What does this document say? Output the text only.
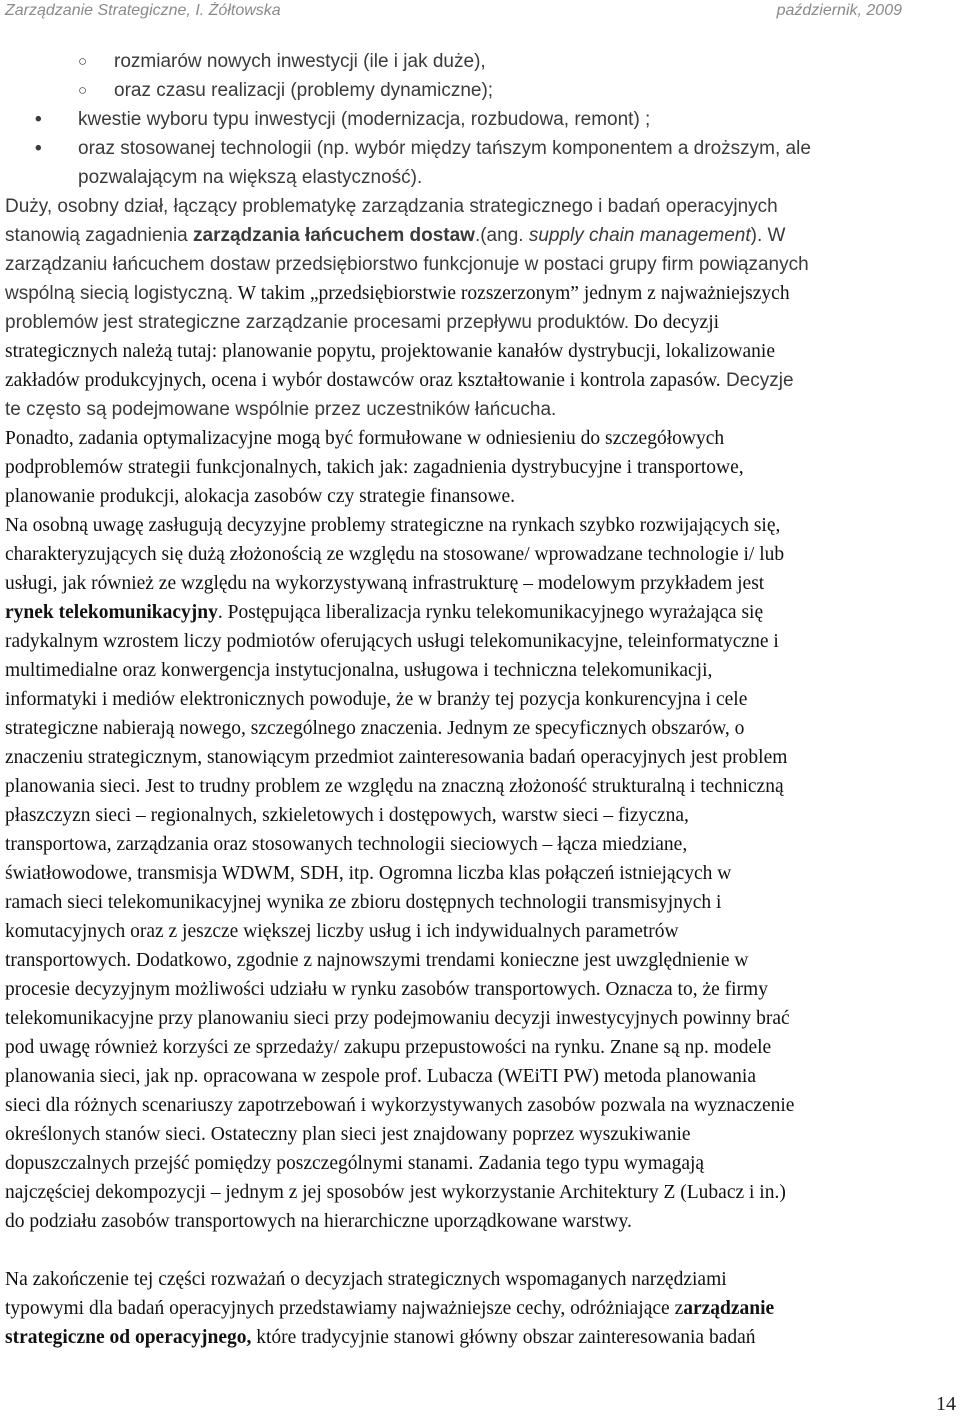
Zarządzanie Strategiczne, I. Żółtowska	październik, 2009
○ rozmiarów nowych inwestycji (ile i jak duże),
○ oraz czasu realizacji (problemy dynamiczne);
• kwestie wyboru typu inwestycji (modernizacja, rozbudowa, remont) ;
• oraz stosowanej technologii (np. wybór między tańszym komponentem a droższym, ale
pozwalającym na większą elastyczność).
Duży, osobny dział, łączący problematykę zarządzania strategicznego i badań operacyjnych
stanowią zagadnienia zarządzania łańcuchem dostaw.(ang. supply chain management). W
zarządzaniu łańcuchem dostaw przedsiębiorstwo funkcjonuje w postaci grupy firm powiązanych
wspólną siecią logistyczną. W takim „przedsiębiorstwie rozszerzonym” jednym z najważniejszych
problemów jest strategiczne zarządzanie procesami przepływu produktów. Do decyzji
strategicznych należą tutaj: planowanie popytu, projektowanie kanałów dystrybucji, lokalizowanie
zakładów produkcyjnych, ocena i wybór dostawców oraz kształtowanie i kontrola zapasów. Decyzje
te często są podejmowane wspólnie przez uczestników łańcucha.
Ponadto, zadania optymalizacyjne mogą być formułowane w odniesieniu do szczegółowych
podproblemów strategii funkcjonalnych, takich jak: zagadnienia dystrybucyjne i transportowe,
planowanie produkcji, alokacja zasobów czy strategie finansowe.
Na osobną uwagę zasługują decyzyjne problemy strategiczne na rynkach szybko rozwijających się,
charakteryzujących się dużą złożonością ze względu na stosowane/ wprowadzane technologie i/ lub
usługi, jak również ze względu na wykorzystywaną infrastrukturę – modelowym przykładem jest
rynek telekomunikacyjny. Postępująca liberalizacja rynku telekomunikacyjnego wyrażająca się
radykalnym wzrostem liczy podmiotów oferujących usługi telekomunikacyjne, teleinformatyczne i
multimedialne oraz konwergencja instytucjonalna, usługowa i techniczna telekomunikacji,
informatyki i mediów elektronicznych powoduje, że w branży tej pozycja konkurencyjna i cele
strategiczne nabierają nowego, szczególnego znaczenia. Jednym ze specyficznych obszarów, o
znaczeniu strategicznym, stanowiącym przedmiot zainteresowania badań operacyjnych jest problem
planowania sieci. Jest to trudny problem ze względu na znaczną złożoność strukturalną i techniczną
płaszczyzn sieci – regionalnych, szkieletowych i dostępowych, warstw sieci – fizyczna,
transportowa, zarządzania oraz stosowanych technologii sieciowych – łącza miedziane,
światłowodowe, transmisja WDWM, SDH, itp. Ogromna liczba klas połączeń istniejących w
ramach sieci telekomunikacyjnej wynika ze zbioru dostępnych technologii transmisyjnych i
komutacyjnych oraz z jeszcze większej liczby usług i ich indywidualnych parametrów
transportowych. Dodatkowo, zgodnie z najnowszymi trendami konieczne jest uwzględnienie w
procesie decyzyjnym możliwości udziału w rynku zasobów transportowych. Oznacza to, że firmy
telekomunikacyjne przy planowaniu sieci przy podejmowaniu decyzji inwestycyjnych powinny brać
pod uwagę również korzyści ze sprzedaży/ zakupu przepustowości na rynku. Znane są np. modele
planowania sieci, jak np. opracowana w zespole prof. Lubacza (WEiTI PW) metoda planowania
sieci dla różnych scenariuszy zapotrzebowań i wykorzystywanych zasobów pozwala na wyznaczenie
określonych stanów sieci. Ostateczny plan sieci jest znajdowany poprzez wyszukiwanie
dopuszczalnych przejść pomiędzy poszczególnymi stanami. Zadania tego typu wymagają
najczęściej dekompozycji – jednym z jej sposobów jest wykorzystanie Architektury Z (Lubacz i in.)
do podziału zasobów transportowych na hierarchiczne uporządkowane warstwy.
Na zakończenie tej części rozważań o decyzjach strategicznych wspomaganych narzędziami
typowymi dla badań operacyjnych przedstawiamy najważniejsze cechy, odróżniające zarządzanie
strategiczne od operacyjnego, które tradycyjnie stanowi główny obszar zainteresowania badań
14
